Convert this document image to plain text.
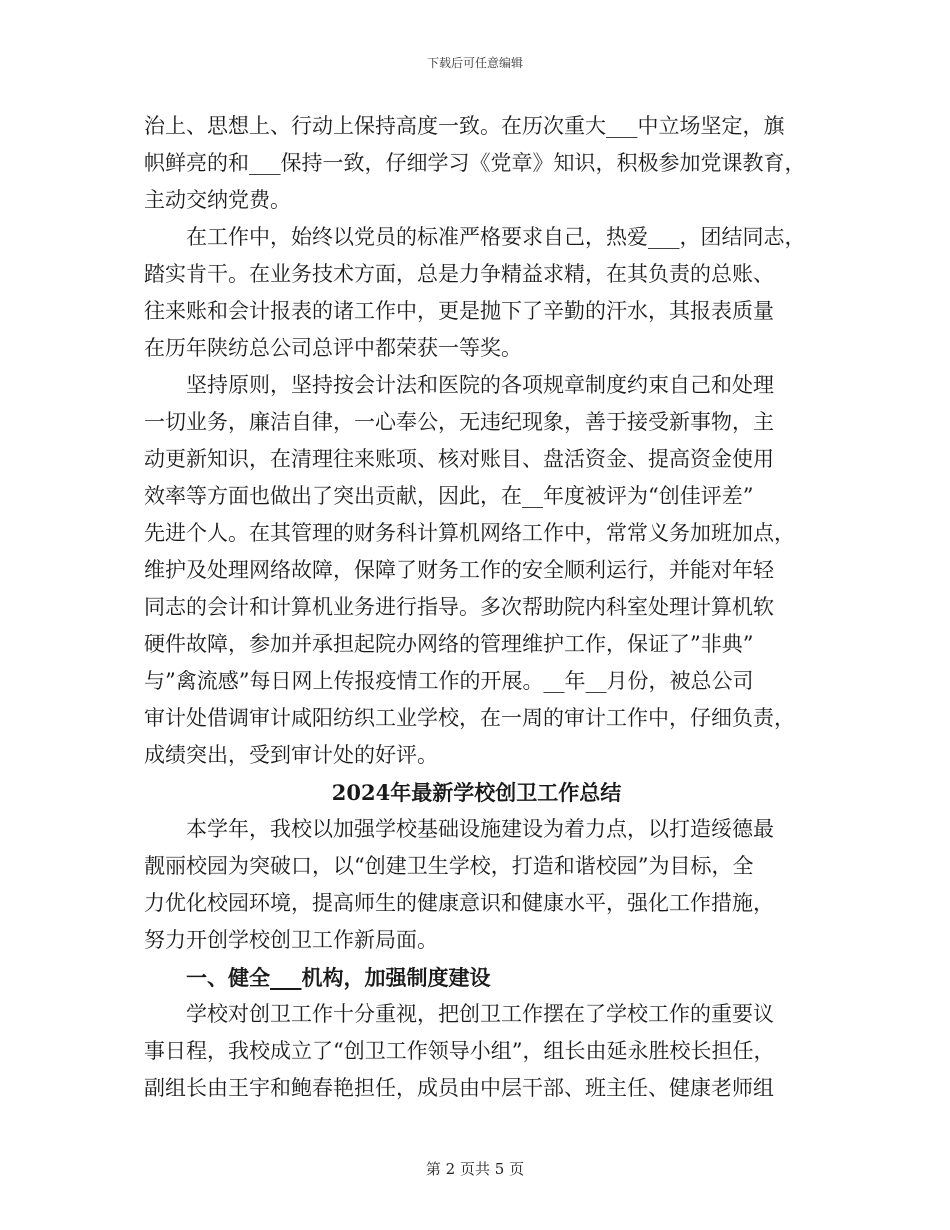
下载后可任意编辑
治上、思想上、行动上保持高度一致。在历次重大___中立场坚定，旗
帜鲜亮的和___保持一致，仔细学习《党章》知识，积极参加党课教育，
主动交纳党费。
在工作中，始终以党员的标准严格要求自己，热爱___，团结同志，
踏实肯干。在业务技术方面，总是力争精益求精，在其负责的总账、
往来账和会计报表的诸工作中，更是抛下了辛勤的汗水，其报表质量
在历年陕纺总公司总评中都荣获一等奖。
坚持原则，坚持按会计法和医院的各项规章制度约束自己和处理
一切业务，廉洁自律，一心奉公，无违纪现象，善于接受新事物，主
动更新知识，在清理往来账项、核对账目、盘活资金、提高资金使用
效率等方面也做出了突出贡献，因此，在__年度被评为“创佳评差”
先进个人。在其管理的财务科计算机网络工作中，常常义务加班加点，
维护及处理网络故障，保障了财务工作的安全顺利运行，并能对年轻
同志的会计和计算机业务进行指导。多次帮助院内科室处理计算机软
硬件故障，参加并承担起院办网络的管理维护工作，保证了”非典”
与”禽流感”每日网上传报疫情工作的开展。__年__月份，被总公司
审计处借调审计咸阳纺织工业学校，在一周的审计工作中，仔细负责，
成绩突出，受到审计处的好评。
2024年最新学校创卫工作总结
本学年，我校以加强学校基础设施建设为着力点，以打造绥德最
靓丽校园为突破口，以“创建卫生学校，打造和谐校园”为目标，全
力优化校园环境，提高师生的健康意识和健康水平，强化工作措施，
努力开创学校创卫工作新局面。
一、健全___机构，加强制度建设
学校对创卫工作十分重视，把创卫工作摆在了学校工作的重要议
事日程，我校成立了“创卫工作领导小组”，组长由延永胜校长担任，
副组长由王宇和鲍春艳担任，成员由中层干部、班主任、健康老师组
第 2 页共 5 页
